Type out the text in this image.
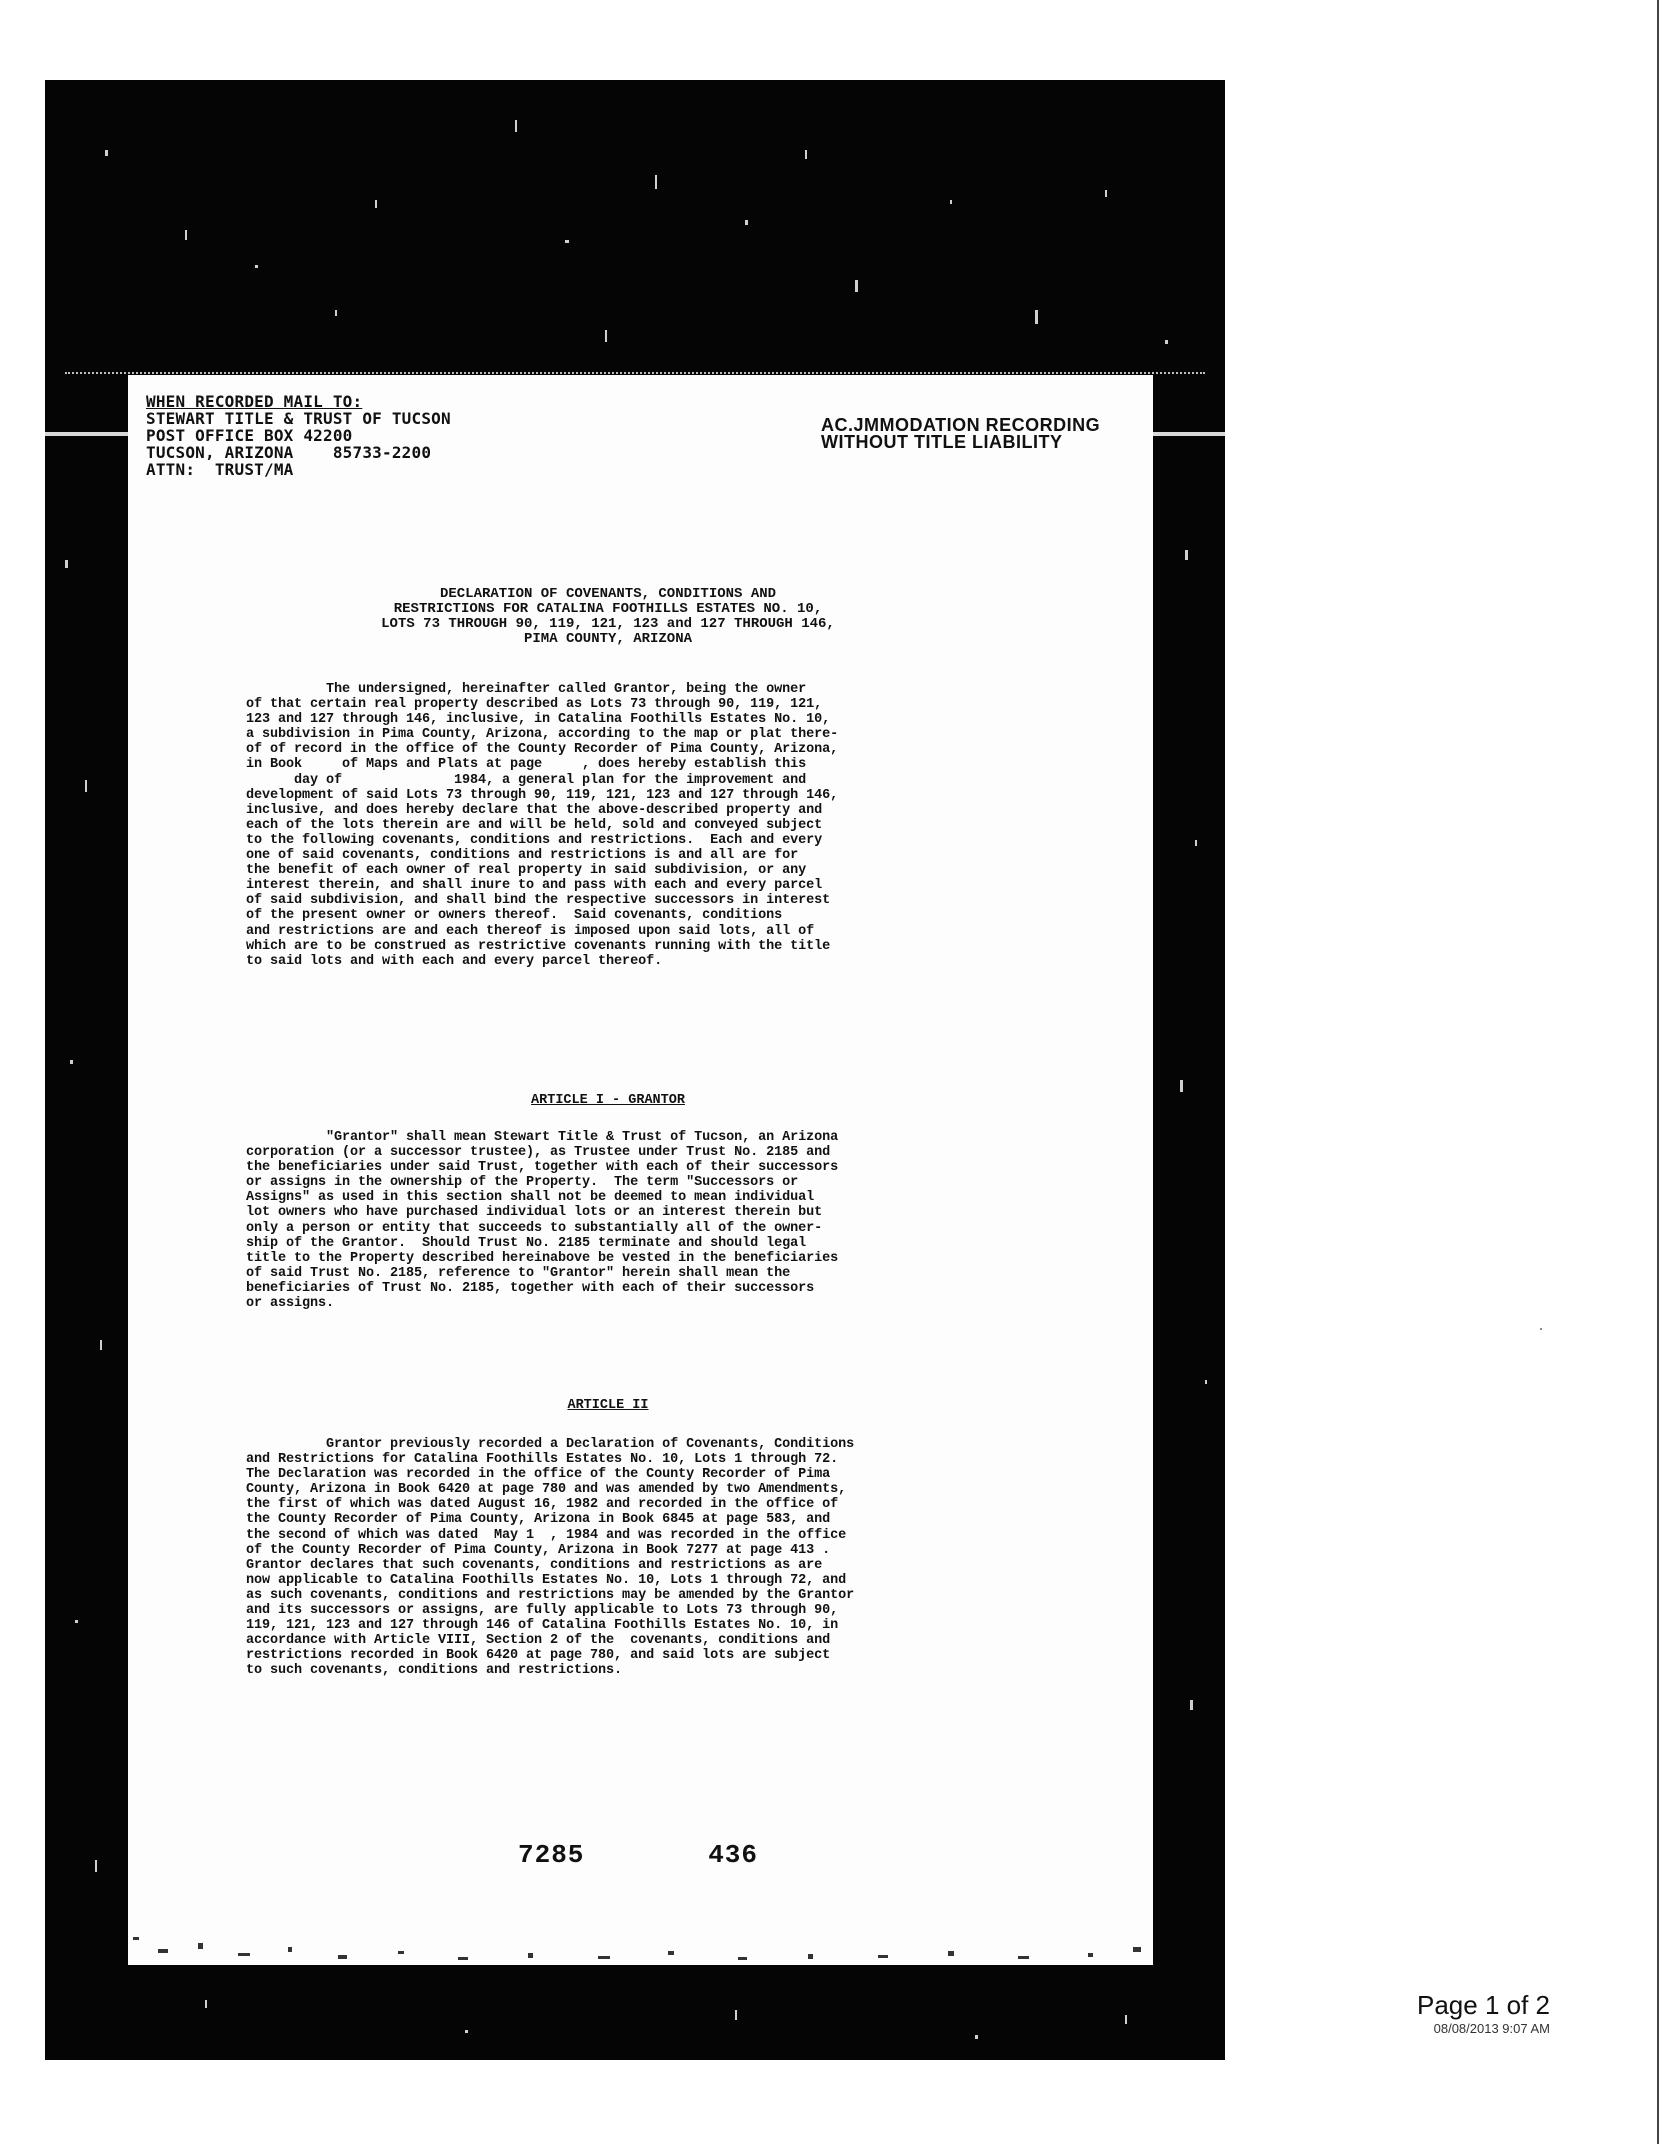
WHEN RECORDED MAIL TO:
STEWART TITLE & TRUST OF TUCSON
POST OFFICE BOX 42200
TUCSON, ARIZONA    85733-2200
ATTN:  TRUST/MA
AC.JMMODATION RECORDING
WITHOUT TITLE LIABILITY
DECLARATION OF COVENANTS, CONDITIONS AND
RESTRICTIONS FOR CATALINA FOOTHILLS ESTATES NO. 10,
LOTS 73 THROUGH 90, 119, 121, 123 and 127 THROUGH 146,
PIMA COUNTY, ARIZONA
The undersigned, hereinafter called Grantor, being the owner
of that certain real property described as Lots 73 through 90, 119, 121,
123 and 127 through 146, inclusive, in Catalina Foothills Estates No. 10,
a subdivision in Pima County, Arizona, according to the map or plat there-
of of record in the office of the County Recorder of Pima County, Arizona,
in Book     of Maps and Plats at page     , does hereby establish this
day of              1984, a general plan for the improvement and
development of said Lots 73 through 90, 119, 121, 123 and 127 through 146,
inclusive, and does hereby declare that the above-described property and
each of the lots therein are and will be held, sold and conveyed subject
to the following covenants, conditions and restrictions.  Each and every
one of said covenants, conditions and restrictions is and all are for
the benefit of each owner of real property in said subdivision, or any
interest therein, and shall inure to and pass with each and every parcel
of said subdivision, and shall bind the respective successors in interest
of the present owner or owners thereof.  Said covenants, conditions
and restrictions are and each thereof is imposed upon said lots, all of
which are to be construed as restrictive covenants running with the title
to said lots and with each and every parcel thereof.
ARTICLE I - GRANTOR
"Grantor" shall mean Stewart Title & Trust of Tucson, an Arizona
corporation (or a successor trustee), as Trustee under Trust No. 2185 and
the beneficiaries under said Trust, together with each of their successors
or assigns in the ownership of the Property.  The term "Successors or
Assigns" as used in this section shall not be deemed to mean individual
lot owners who have purchased individual lots or an interest therein but
only a person or entity that succeeds to substantially all of the owner-
ship of the Grantor.  Should Trust No. 2185 terminate and should legal
title to the Property described hereinabove be vested in the beneficiaries
of said Trust No. 2185, reference to "Grantor" herein shall mean the
beneficiaries of Trust No. 2185, together with each of their successors
or assigns.
ARTICLE II
Grantor previously recorded a Declaration of Covenants, Conditions
and Restrictions for Catalina Foothills Estates No. 10, Lots 1 through 72.
The Declaration was recorded in the office of the County Recorder of Pima
County, Arizona in Book 6420 at page 780 and was amended by two Amendments,
the first of which was dated August 16, 1982 and recorded in the office of
the County Recorder of Pima County, Arizona in Book 6845 at page 583, and
the second of which was dated  May 1  , 1984 and was recorded in the office
of the County Recorder of Pima County, Arizona in Book 7277 at page 413 .
Grantor declares that such covenants, conditions and restrictions as are
now applicable to Catalina Foothills Estates No. 10, Lots 1 through 72, and
as such covenants, conditions and restrictions may be amended by the Grantor
and its successors or assigns, are fully applicable to Lots 73 through 90,
119, 121, 123 and 127 through 146 of Catalina Foothills Estates No. 10, in
accordance with Article VIII, Section 2 of the  covenants, conditions and
restrictions recorded in Book 6420 at page 780, and said lots are subject
to such covenants, conditions and restrictions.
7285	436
Page 1 of 2
08/08/2013 9:07 AM
